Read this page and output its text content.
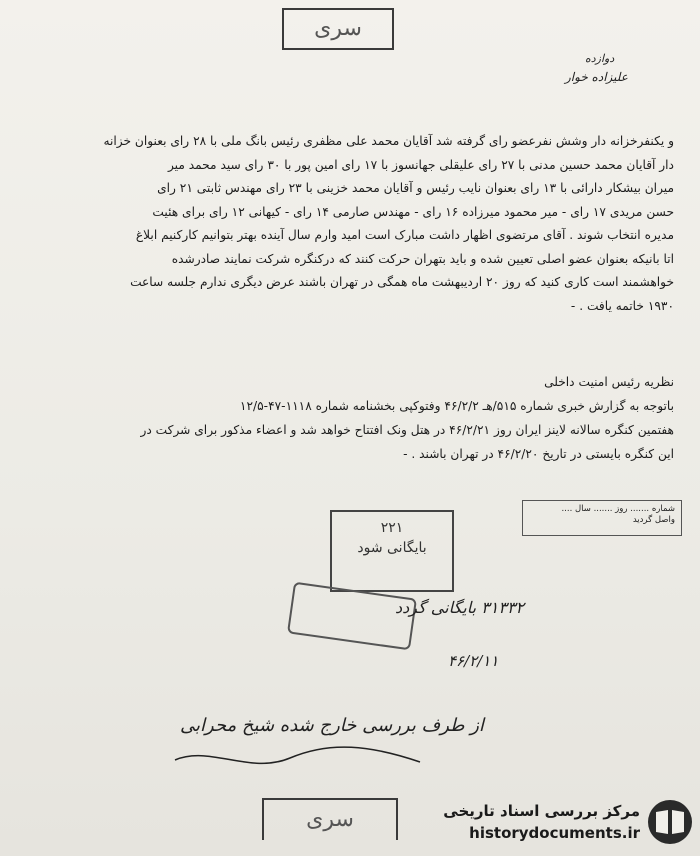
سری
دوازده
علیزاده خوار
و یکنفرخزانه دار وشش نفرعضو رای گرفته شد آقایان محمد علی مظفری رئیس بانگ ملی با ۲۸ رای بعنوان خزانه
دار آقایان محمد حسین مدنی با ۲۷ رای علیقلی جهانسوز با ۱۷ رای امین پور با ۳۰ رای سید محمد میر
میران بیشکار دارائی با ۱۳ رای بعنوان نایب رئیس و آقایان محمد خزینی با ۲۳ رای مهندس ثابتی ۲۱ رای
حسن مریدی ۱۷ رای - میر محمود میرزاده ۱۶ رای - مهندس صارمی ۱۴ رای - کیهانی ۱۲ رای برای هئیت
مدیره انتخاب شوند . آقای مرتضوی اظهار داشت مبارک است امید وارم سال آینده بهتر بتوانیم کارکنیم ابلاغ
اتا بانیکه بعنوان عضو اصلی تعیین شده و باید بتهران حرکت کنند که درکنگره شرکت نمایند صادرشده
خواهشمند است کاری کنید که روز ۲۰ اردیبهشت ماه همگی در تهران باشند عرض دیگری ندارم جلسه ساعت
۱۹۳۰ خاتمه یافت . -
نظریه رئیس امنیت داخلی
باتوجه به گزارش خبری شماره ۵۱۵/هـ ۴۶/۲/۲ وفتوکپی بخشنامه شماره ۱۱۱۸-۴۷-۱۲/۵
هفتمین کنگره سالانه لاینز ایران روز ۴۶/۲/۲۱ در هتل ونک افتتاح خواهد شد و اعضاء مذکور برای شرکت در
این کنگره بایستی در تاریخ ۴۶/۲/۲۰ در تهران باشند . -
شماره ....... روز ....... سال ....
واصل گردید
۲۲۱
بایگانی شود
۳۱۳۳۲ بایگانی گردد
۴۶/۲/۱۱
از طرف بررسی خارج شده شیخ محرابی
سری	مرکز بررسی اسناد تاریخی
historydocuments.ir
